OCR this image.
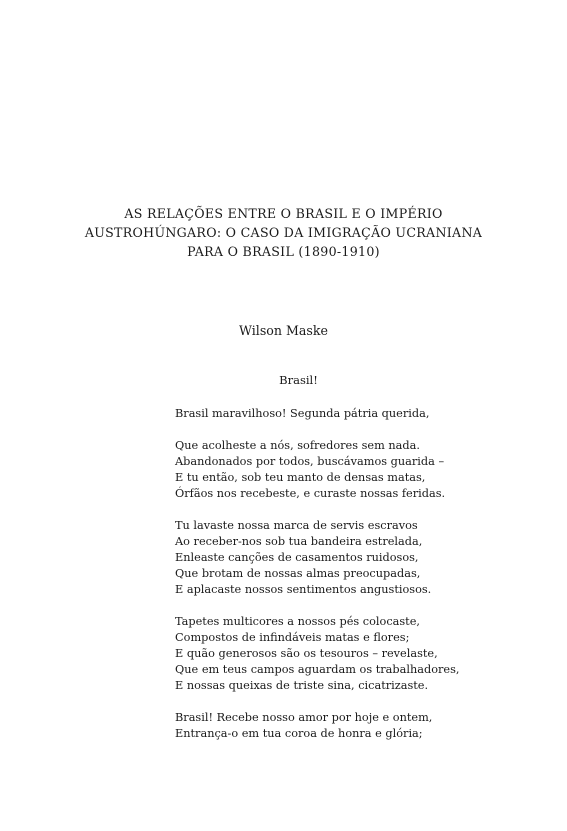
AS RELAÇÕES ENTRE O BRASIL E O IMPÉRIO
AUSTROHÚNGARO: O CASO DA IMIGRAÇÃO UCRANIANA
PARA O BRASIL (1890-1910)
Wilson Maske
Brasil!
Brasil maravilhoso! Segunda pátria querida,
Que acolheste a nós, sofredores sem nada.
Abandonados por todos, buscávamos guarida –
E tu então, sob teu manto de densas matas,
Órfãos nos recebeste, e curaste nossas feridas.
Tu lavaste nossa marca de servis escravos
Ao receber-nos sob tua bandeira estrelada,
Enleaste canções de casamentos ruidosos,
Que brotam de nossas almas preocupadas,
E aplacaste nossos sentimentos angustiosos.
Tapetes multicores a nossos pés colocaste,
Compostos de infindáveis matas e flores;
E quão generosos são os tesouros – revelaste,
Que em teus campos aguardam os trabalhadores,
E nossas queixas de triste sina, cicatrizaste.
Brasil! Recebe nosso amor por hoje e ontem,
Entrança-o em tua coroa de honra e glória;
